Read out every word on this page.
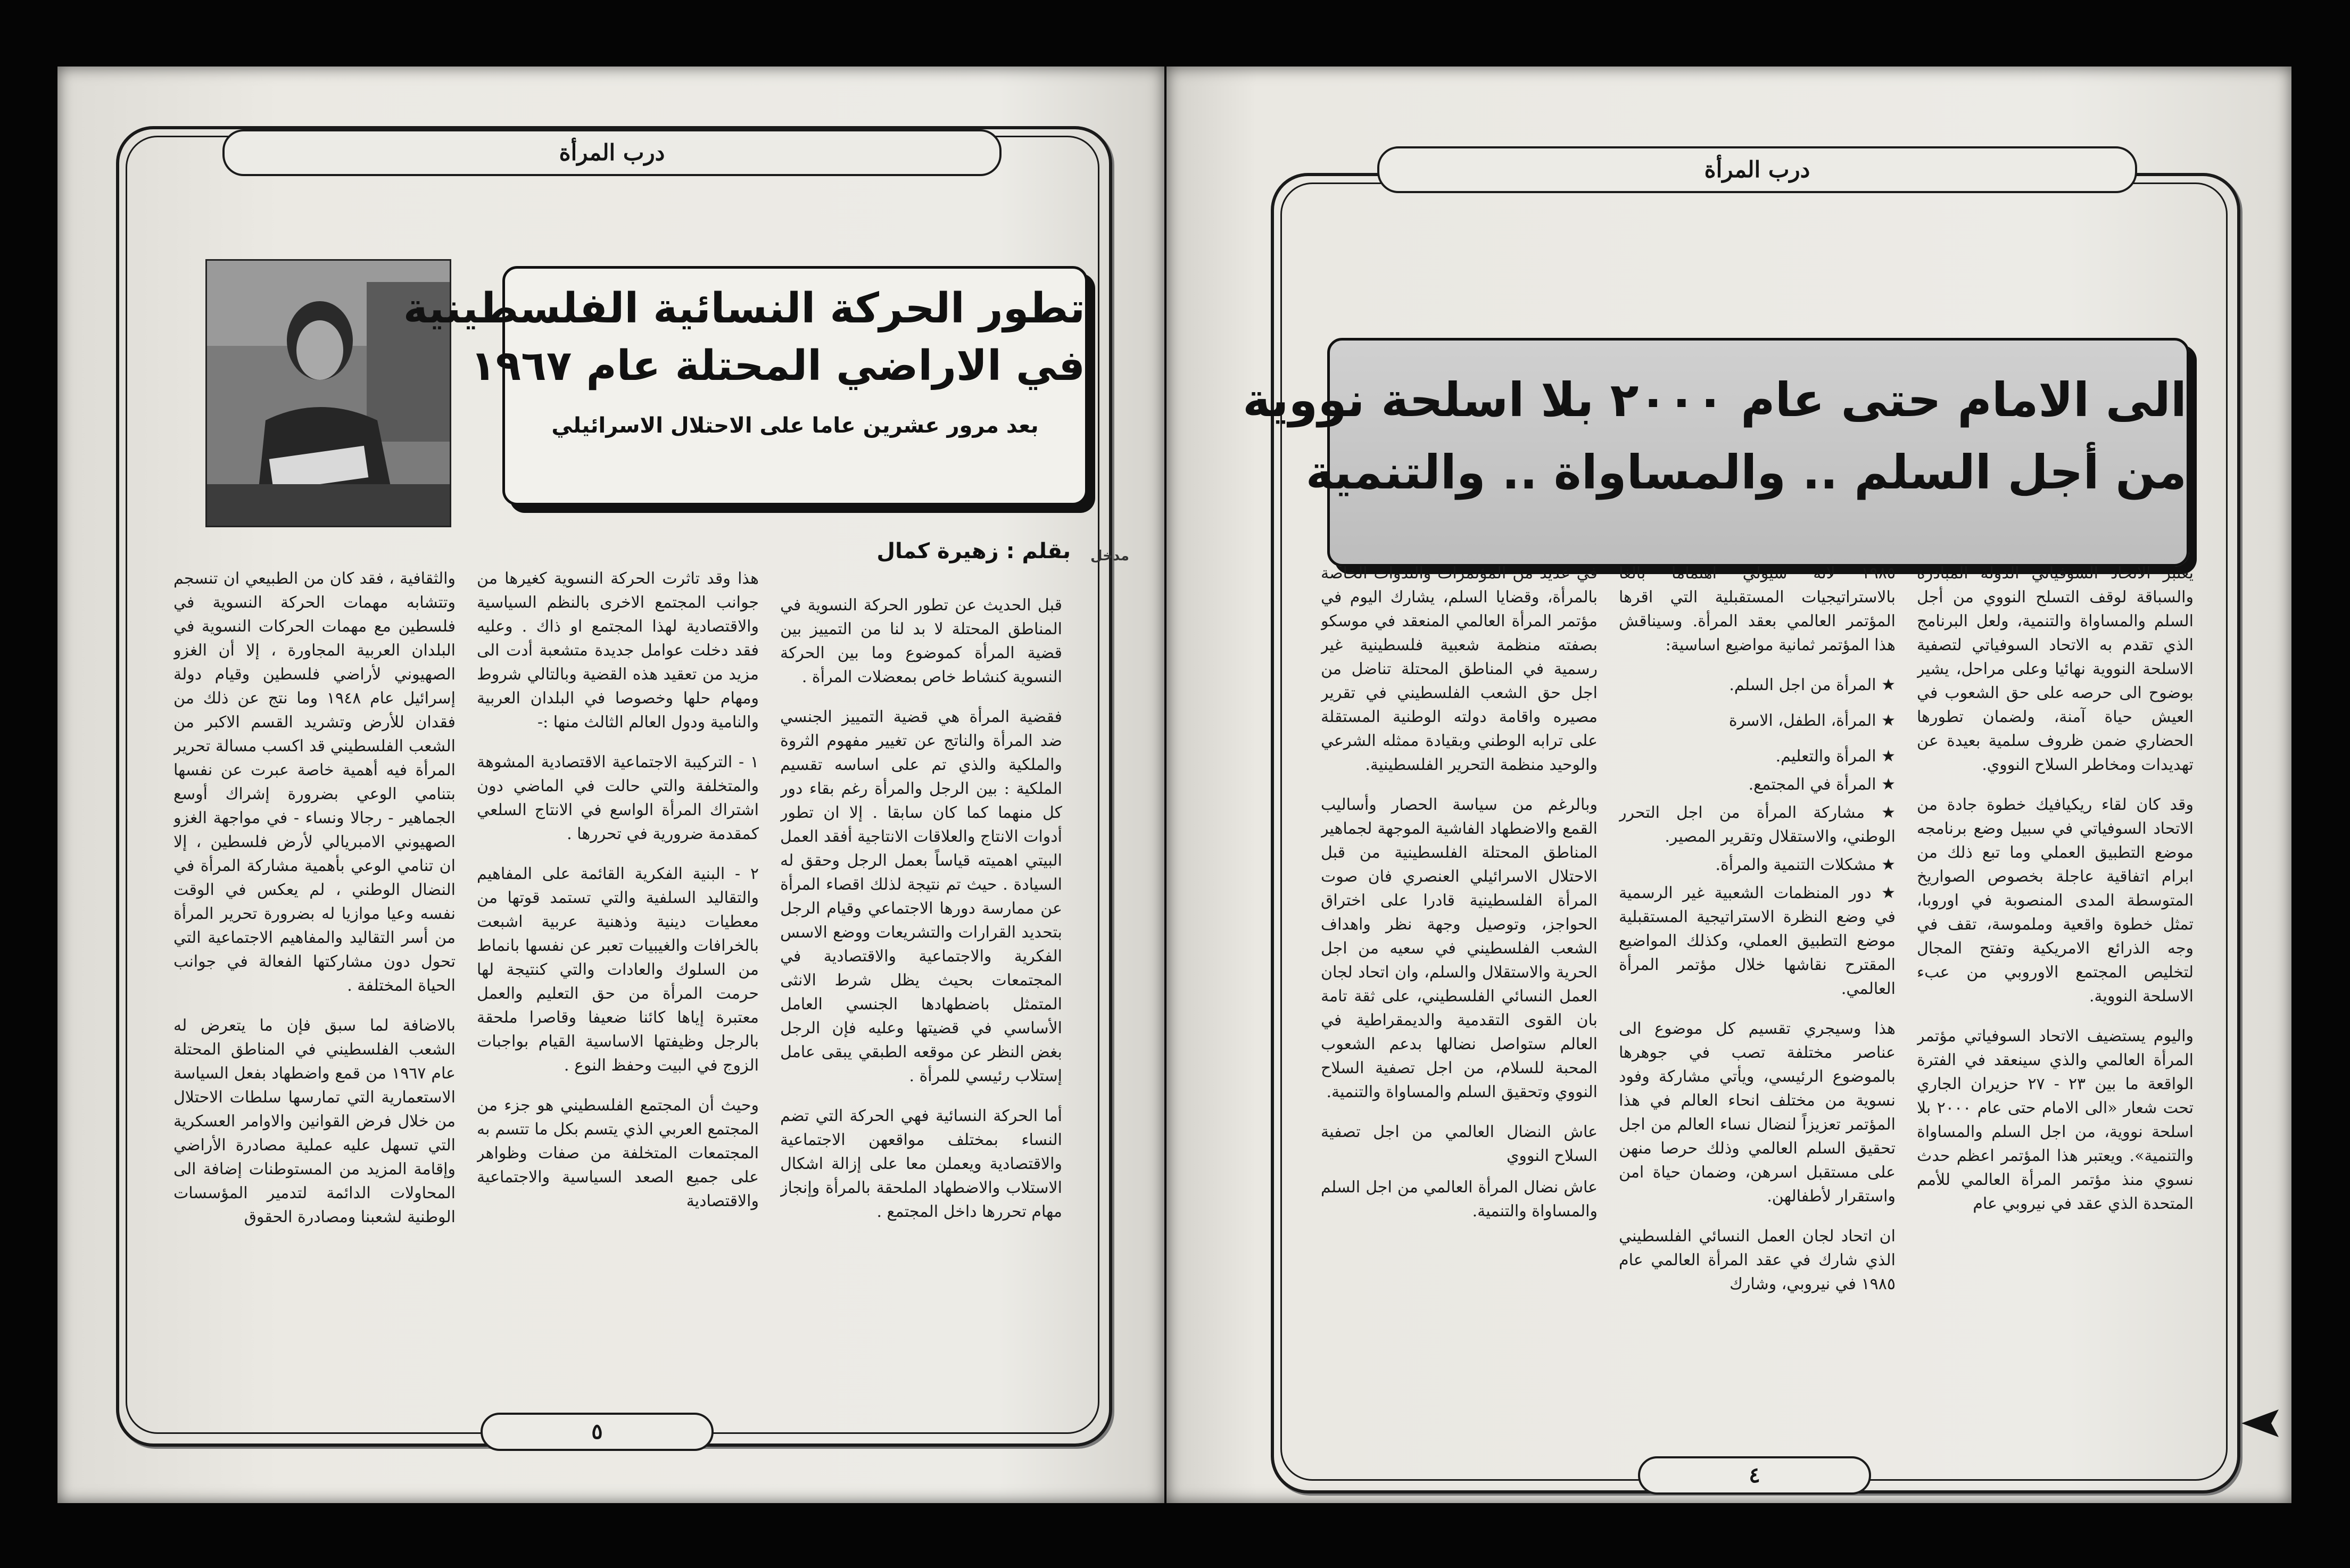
درب المرأة
تطور الحركة النسائية الفلسطينية
في الاراضي المحتلة عام ١٩٦٧
بعد مرور عشرين عاما على الاحتلال الاسرائيلي
بقلم : زهيرة كمال مدخل

قبل الحديث عن تطور الحركة النسوية في المناطق المحتلة لا بد لنا من التمييز بين قضية المرأة كموضوع وما بين الحركة النسوية كنشاط خاص بمعضلات المرأة .

فقضية المرأة هي قضية التمييز الجنسي ضد المرأة والناتج عن تغيير مفهوم الثروة والملكية والذي تم على اساسه تقسيم الملكية : بين الرجل والمرأة رغم بقاء دور كل منهما كما كان سابقا . إلا ان تطور أدوات الانتاج والعلاقات الانتاجية أفقد العمل البيتي اهميته قياساً بعمل الرجل وحقق له السيادة . حيث تم نتيجة لذلك اقصاء المرأة عن ممارسة دورها الاجتماعي وقيام الرجل بتحديد القرارات والتشريعات ووضع الاسس الفكرية والاجتماعية والاقتصادية في المجتمعات بحيث يظل شرط الانثى المتمثل باضطهادها الجنسي العامل الأساسي في قضيتها وعليه فإن الرجل بغض النظر عن موقعه الطبقي يبقى عامل إستلاب رئيسي للمرأة .

أما الحركة النسائية فهي الحركة التي تضم النساء بمختلف مواقعهن الاجتماعية والاقتصادية ويعملن معا على إزالة اشكال الاستلاب والاضطهاد الملحقة بالمرأة وإنجاز مهام تحررها داخل المجتمع .

هذا وقد تاثرت الحركة النسوية كغيرها من جوانب المجتمع الاخرى بالنظم السياسية والاقتصادية لهذا المجتمع او ذاك . وعليه فقد دخلت عوامل جديدة متشعبة أدت الى مزيد من تعقيد هذه القضية وبالتالي شروط ومهام حلها وخصوصا في البلدان العربية والنامية ودول العالم الثالث منها :-

١ - التركيبة الاجتماعية الاقتصادية المشوهة والمتخلفة والتي حالت في الماضي دون اشتراك المرأة الواسع في الانتاج السلعي كمقدمة ضرورية في تحررها .

٢ - البنية الفكرية القائمة على المفاهيم والتقاليد السلفية والتي تستمد قوتها من معطيات دينية وذهنية عربية اشبعت بالخرافات والغيبيات تعبر عن نفسها بانماط من السلوك والعادات والتي كنتيجة لها حرمت المرأة من حق التعليم والعمل معتبرة إياها كائنا ضعيفا وقاصرا ملحقة بالرجل وظيفتها الاساسية القيام بواجبات الزوج في البيت وحفظ النوع .

وحيث أن المجتمع الفلسطيني هو جزء من المجتمع العربي الذي يتسم بكل ما تتسم به المجتمعات المتخلفة من صفات وظواهر على جميع الصعد السياسية والاجتماعية والاقتصادية

والثقافية ، فقد كان من الطبيعي ان تنسجم وتتشابه مهمات الحركة النسوية في فلسطين مع مهمات الحركات النسوية في البلدان العربية المجاورة ، إلا أن الغزو الصهيوني لأراضي فلسطين وقيام دولة إسرائيل عام ١٩٤٨ وما نتج عن ذلك من فقدان للأرض وتشريد القسم الاكبر من الشعب الفلسطيني قد اكسب مسالة تحرير المرأة فيه أهمية خاصة عبرت عن نفسها بتنامي الوعي بضرورة إشراك أوسع الجماهير - رجالا ونساء - في مواجهة الغزو الصهيوني الامبريالي لأرض فلسطين ، إلا ان تنامي الوعي بأهمية مشاركة المرأة في النضال الوطني ، لم يعكس في الوقت نفسه وعيا موازيا له بضرورة تحرير المرأة من أسر التقاليد والمفاهيم الاجتماعية التي تحول دون مشاركتها الفعالة في جوانب الحياة المختلفة .

بالاضافة لما سبق فإن ما يتعرض له الشعب الفلسطيني في المناطق المحتلة عام ١٩٦٧ من قمع واضطهاد بفعل السياسة الاستعمارية التي تمارسها سلطات الاحتلال من خلال فرض القوانين والاوامر العسكرية التي تسهل عليه عملية مصادرة الأراضي وإقامة المزيد من المستوطنات إضافة الى المحاولات الدائمة لتدمير المؤسسات الوطنية لشعبنا ومصادرة الحقوق

٥
درب المرأة
الى الامام حتى عام ٢٠٠٠ بلا اسلحة نووية
من أجل السلم .. والمساواة .. والتنمية

يعتبر الاتحاد السوفياتي الدولة المبادرة والسباقة لوقف التسلح النووي من أجل السلم والمساواة والتنمية، ولعل البرنامج الذي تقدم به الاتحاد السوفياتي لتصفية الاسلحة النووية نهائيا وعلى مراحل، يشير بوضوح الى حرصه على حق الشعوب في العيش حياة آمنة، ولضمان تطورها الحضاري ضمن ظروف سلمية بعيدة عن تهديدات ومخاطر السلاح النووي.

وقد كان لقاء ريكيافيك خطوة جادة من الاتحاد السوفياتي في سبيل وضع برنامجه موضع التطبيق العملي وما تبع ذلك من ابرام اتفاقية عاجلة بخصوص الصواريخ المتوسطة المدى المنصوبة في اوروبا، تمثل خطوة واقعية وملموسة، تقف في وجه الذرائع الامريكية وتفتح المجال لتخليص المجتمع الاوروبي من عبء الاسلحة النووية.

واليوم يستضيف الاتحاد السوفياتي مؤتمر المرأة العالمي والذي سينعقد في الفترة الواقعة ما بين ٢٣ - ٢٧ حزيران الجاري تحت شعار «الى الامام حتى عام ٢٠٠٠ بلا اسلحة نووية، من اجل السلم والمساواة والتنمية». ويعتبر هذا المؤتمر اعظم حدث نسوي منذ مؤتمر المرأة العالمي للأمم المتحدة الذي عقد في نيروبي عام

١٩٨٥ لانه سيولي اهتماما بالغا بالاستراتيجيات المستقبلية التي اقرها المؤتمر العالمي بعقد المرأة. وسيناقش هذا المؤتمر ثمانية مواضيع اساسية:

★ المرأة من اجل السلم.

★ المرأة، الطفل، الاسرة

★ المرأة والتعليم.

★ المرأة في المجتمع.

★ مشاركة المرأة من اجل التحرر الوطني، والاستقلال وتقرير المصير.

★ مشكلات التنمية والمرأة.

★ دور المنظمات الشعبية غير الرسمية في وضع النظرة الاستراتيجية المستقبلية موضع التطبيق العملي، وكذلك المواضيع المقترح نقاشها خلال مؤتمر المرأة العالمي.

هذا وسيجري تقسيم كل موضوع الى عناصر مختلفة تصب في جوهرها بالموضوع الرئيسي، ويأتي مشاركة وفود نسوية من مختلف انحاء العالم في هذا المؤتمر تعزيزاً لنضال نساء العالم من اجل تحقيق السلم العالمي وذلك حرصا منهن على مستقبل اسرهن، وضمان حياة امن واستقرار لأطفالهن.

ان اتحاد لجان العمل النسائي الفلسطيني الذي شارك في عقد المرأة العالمي عام ١٩٨٥ في نيروبي، وشارك

في عديد من المؤتمرات والندوات الخاصة بالمرأة، وقضايا السلم، يشارك اليوم في مؤتمر المرأة العالمي المنعقد في موسكو بصفته منظمة شعبية فلسطينية غير رسمية في المناطق المحتلة تناضل من اجل حق الشعب الفلسطيني في تقرير مصيره واقامة دولته الوطنية المستقلة على ترابه الوطني وبقيادة ممثله الشرعي والوحيد منظمة التحرير الفلسطينية.

وبالرغم من سياسة الحصار وأساليب القمع والاضطهاد الفاشية الموجهة لجماهير المناطق المحتلة الفلسطينية من قبل الاحتلال الاسرائيلي العنصري فان صوت المرأة الفلسطينية قادرا على اختراق الحواجز، وتوصيل وجهة نظر واهداف الشعب الفلسطيني في سعيه من اجل الحرية والاستقلال والسلم، وان اتحاد لجان العمل النسائي الفلسطيني، على ثقة تامة بان القوى التقدمية والديمقراطية في العالم ستواصل نضالها بدعم الشعوب المحبة للسلام، من اجل تصفية السلاح النووي وتحقيق السلم والمساواة والتنمية.

عاش النضال العالمي من اجل تصفية السلاح النووي

عاش نضال المرأة العالمي من اجل السلم والمساواة والتنمية.

٤
